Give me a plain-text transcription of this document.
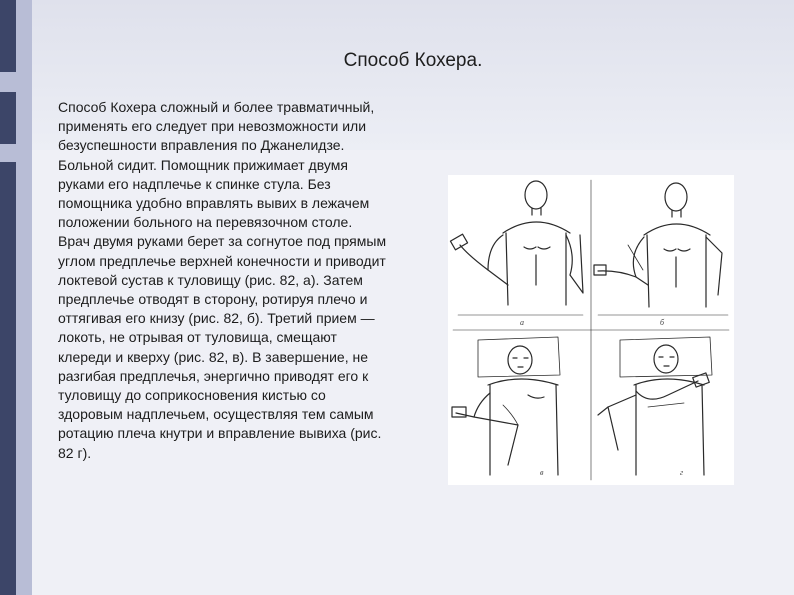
Способ Кохера.

Способ Кохера сложный и более травматичный, применять его следует при невозможности или безуспешности вправления по Джанелидзе. Больной сидит. Помощник прижимает двумя руками его надплечье к спинке стула. Без помощника удобно вправлять вывих в лежачем положении больного на перевязочном столе. Врач двумя руками берет за согнутое под прямым углом предплечье верхней конечности и приводит локтевой сустав к туловищу (рис. 82, а). Затем предплечье отводят в сторону, ротируя плечо и оттягивая его книзу (рис. 82, б). Третий прием — локоть, не отрывая от туловища, смещают клереди и кверху (рис. 82, в). В завершение, не разгибая предплечья, энергично приводят его к туловищу до соприкосновения кистью со здоровым надплечьем, осуществляя тем самым ротацию плеча кнутри и вправление вывиха (рис. 82 г).

а	б
в	г
